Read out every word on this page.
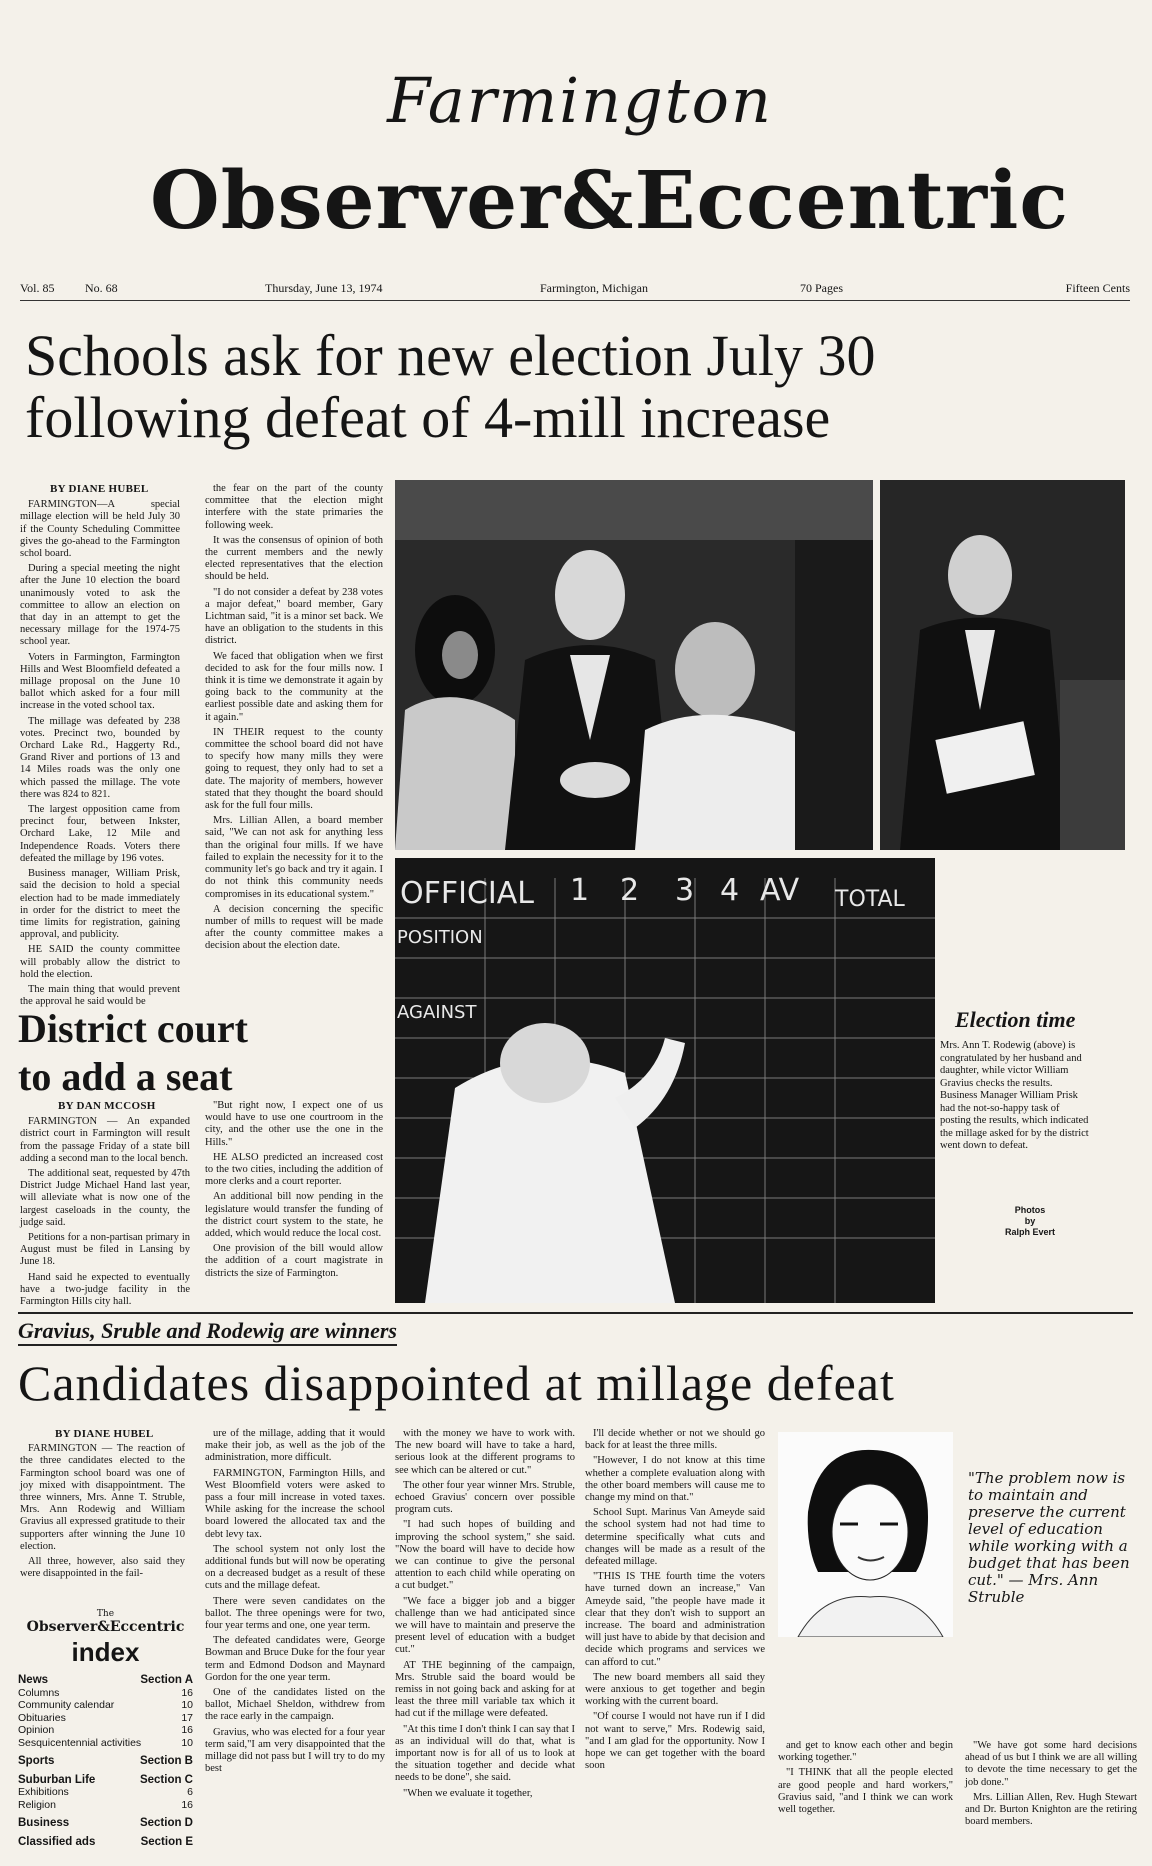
Farmington
Observer&Eccentric
Vol. 85	No. 68	Thursday, June 13, 1974	Farmington, Michigan	70 Pages	Fifteen Cents
Schools ask for new election July 30
following defeat of 4-mill increase
BY DIANE HUBEL

FARMINGTON—A special millage election will be held July 30 if the County Scheduling Committee gives the go-ahead to the Farmington schol board.

During a special meeting the night after the June 10 election the board unanimously voted to ask the committee to allow an election on that day in an attempt to get the necessary millage for the 1974-75 school year.

Voters in Farmington, Farmington Hills and West Bloomfield defeated a millage proposal on the June 10 ballot which asked for a four mill increase in the voted school tax.

The millage was defeated by 238 votes. Precinct two, bounded by Orchard Lake Rd., Haggerty Rd., Grand River and portions of 13 and 14 Miles roads was the only one which passed the millage. The vote there was 824 to 821.

The largest opposition came from precinct four, between Inkster, Orchard Lake, 12 Mile and Independence Roads. Voters there defeated the millage by 196 votes.

Business manager, William Prisk, said the decision to hold a special election had to be made immediately in order for the district to meet the time limits for registration, gaining approval, and publicity.

HE SAID the county committee will probably allow the district to hold the election.

The main thing that would prevent the approval he said would be

the fear on the part of the county committee that the election might interfere with the state primaries the following week.

It was the consensus of opinion of both the current members and the newly elected representatives that the election should be held.

"I do not consider a defeat by 238 votes a major defeat," board member, Gary Lichtman said, "it is a minor set back. We have an obligation to the students in this district.

We faced that obligation when we first decided to ask for the four mills now. I think it is time we demonstrate it again by going back to the community at the earliest possible date and asking them for it again."

IN THEIR request to the county committee the school board did not have to specify how many mills they were going to request, they only had to set a date. The majority of members, however stated that they thought the board should ask for the full four mills.

Mrs. Lillian Allen, a board member said, "We can not ask for anything less than the original four mills. If we have failed to explain the necessity for it to the community let's go back and try it again. I do not think this community needs compromises in its educational system."

A decision concerning the specific number of mills to request will be made after the county committee makes a decision about the election date.

OFFICIAL 1 2 3 4 AV TOTAL
POSITION
AGAINST
District court
to add a seat
BY DAN MCCOSH

FARMINGTON — An expanded district court in Farmington will result from the passage Friday of a state bill adding a second man to the local bench.

The additional seat, requested by 47th District Judge Michael Hand last year, will alleviate what is now one of the largest caseloads in the county, the judge said.

Petitions for a non-partisan primary in August must be filed in Lansing by June 18.

Hand said he expected to eventually have a two-judge facility in the Farmington Hills city hall.

"But right now, I expect one of us would have to use one courtroom in the city, and the other use the one in the Hills."

HE ALSO predicted an increased cost to the two cities, including the addition of more clerks and a court reporter.

An additional bill now pending in the legislature would transfer the funding of the district court system to the state, he added, which would reduce the local cost.

One provision of the bill would allow the addition of a court magistrate in districts the size of Farmington.

Election time
Mrs. Ann T. Rodewig (above) is congratulated by her husband and daughter, while victor William Gravius checks the results. Business Manager William Prisk had the not-so-happy task of posting the results, which indicated the millage asked for by the district went down to defeat.
Photos
by
Ralph Evert
Gravius, Sruble and Rodewig are winners
Candidates disappointed at millage defeat
BY DIANE HUBEL

FARMINGTON — The reaction of the three candidates elected to the Farmington school board was one of joy mixed with disappointment. The three winners, Mrs. Anne T. Struble, Mrs. Ann Rodewig and William Gravius all expressed gratitude to their supporters after winning the June 10 election.

All three, however, also said they were disappointed in the fail-

The
Observer&Eccentric
index
News	Section A
Columns	16
Community calendar	10
Obituaries	17
Opinion	16
Sesquicentennial activities	10
Sports	Section B
Suburban Life	Section C
Exhibitions	6
Religion	16
Business	Section D
Classified ads	Section E

ure of the millage, adding that it would make their job, as well as the job of the administration, more difficult.

FARMINGTON, Farmington Hills, and West Bloomfield voters were asked to pass a four mill increase in voted taxes. While asking for the increase the school board lowered the allocated tax and the debt levy tax.

The school system not only lost the additional funds but will now be operating on a decreased budget as a result of these cuts and the millage defeat.

There were seven candidates on the ballot. The three openings were for two, four year terms and one, one year term.

The defeated candidates were, George Bowman and Bruce Duke for the four year term and Edmond Dodson and Maynard Gordon for the one year term.

One of the candidates listed on the ballot, Michael Sheldon, withdrew from the race early in the campaign.

Gravius, who was elected for a four year term said,"I am very disappointed that the millage did not pass but I will try to do my best

with the money we have to work with. The new board will have to take a hard, serious look at the different programs to see which can be altered or cut."

The other four year winner Mrs. Struble, echoed Gravius' concern over possible program cuts.

"I had such hopes of building and improving the school system," she said. "Now the board will have to decide how we can continue to give the personal attention to each child while operating on a cut budget."

"We face a bigger job and a bigger challenge than we had anticipated since we will have to maintain and preserve the present level of education with a budget cut."

AT THE beginning of the campaign, Mrs. Struble said the board would be remiss in not going back and asking for at least the three mill variable tax which it had cut if the millage were defeated.

"At this time I don't think I can say that I as an individual will do that, what is important now is for all of us to look at the situation together and decide what needs to be done", she said.

"When we evaluate it together,

I'll decide whether or not we should go back for at least the three mills.

"However, I do not know at this time whether a complete evaluation along with the other board members will cause me to change my mind on that."

School Supt. Marinus Van Ameyde said the school system had not had time to determine specifically what cuts and changes will be made as a result of the defeated millage.

"THIS IS THE fourth time the voters have turned down an increase," Van Ameyde said, "the people have made it clear that they don't wish to support an increase. The board and administration will just have to abide by that decision and decide which programs and services we can afford to cut."

The new board members all said they were anxious to get together and begin working with the current board.

"Of course I would not have run if I did not want to serve," Mrs. Rodewig said, "and I am glad for the opportunity. Now I hope we can get together with the board soon

"The problem now is to maintain and preserve the current level of education while working with a budget that has been cut." — Mrs. Ann Struble

and get to know each other and begin working together."

"I THINK that all the people elected are good people and hard workers," Gravius said, "and I think we can work well together.

"We have got some hard decisions ahead of us but I think we are all willing to devote the time necessary to get the job done."

Mrs. Lillian Allen, Rev. Hugh Stewart and Dr. Burton Knighton are the retiring board members.
